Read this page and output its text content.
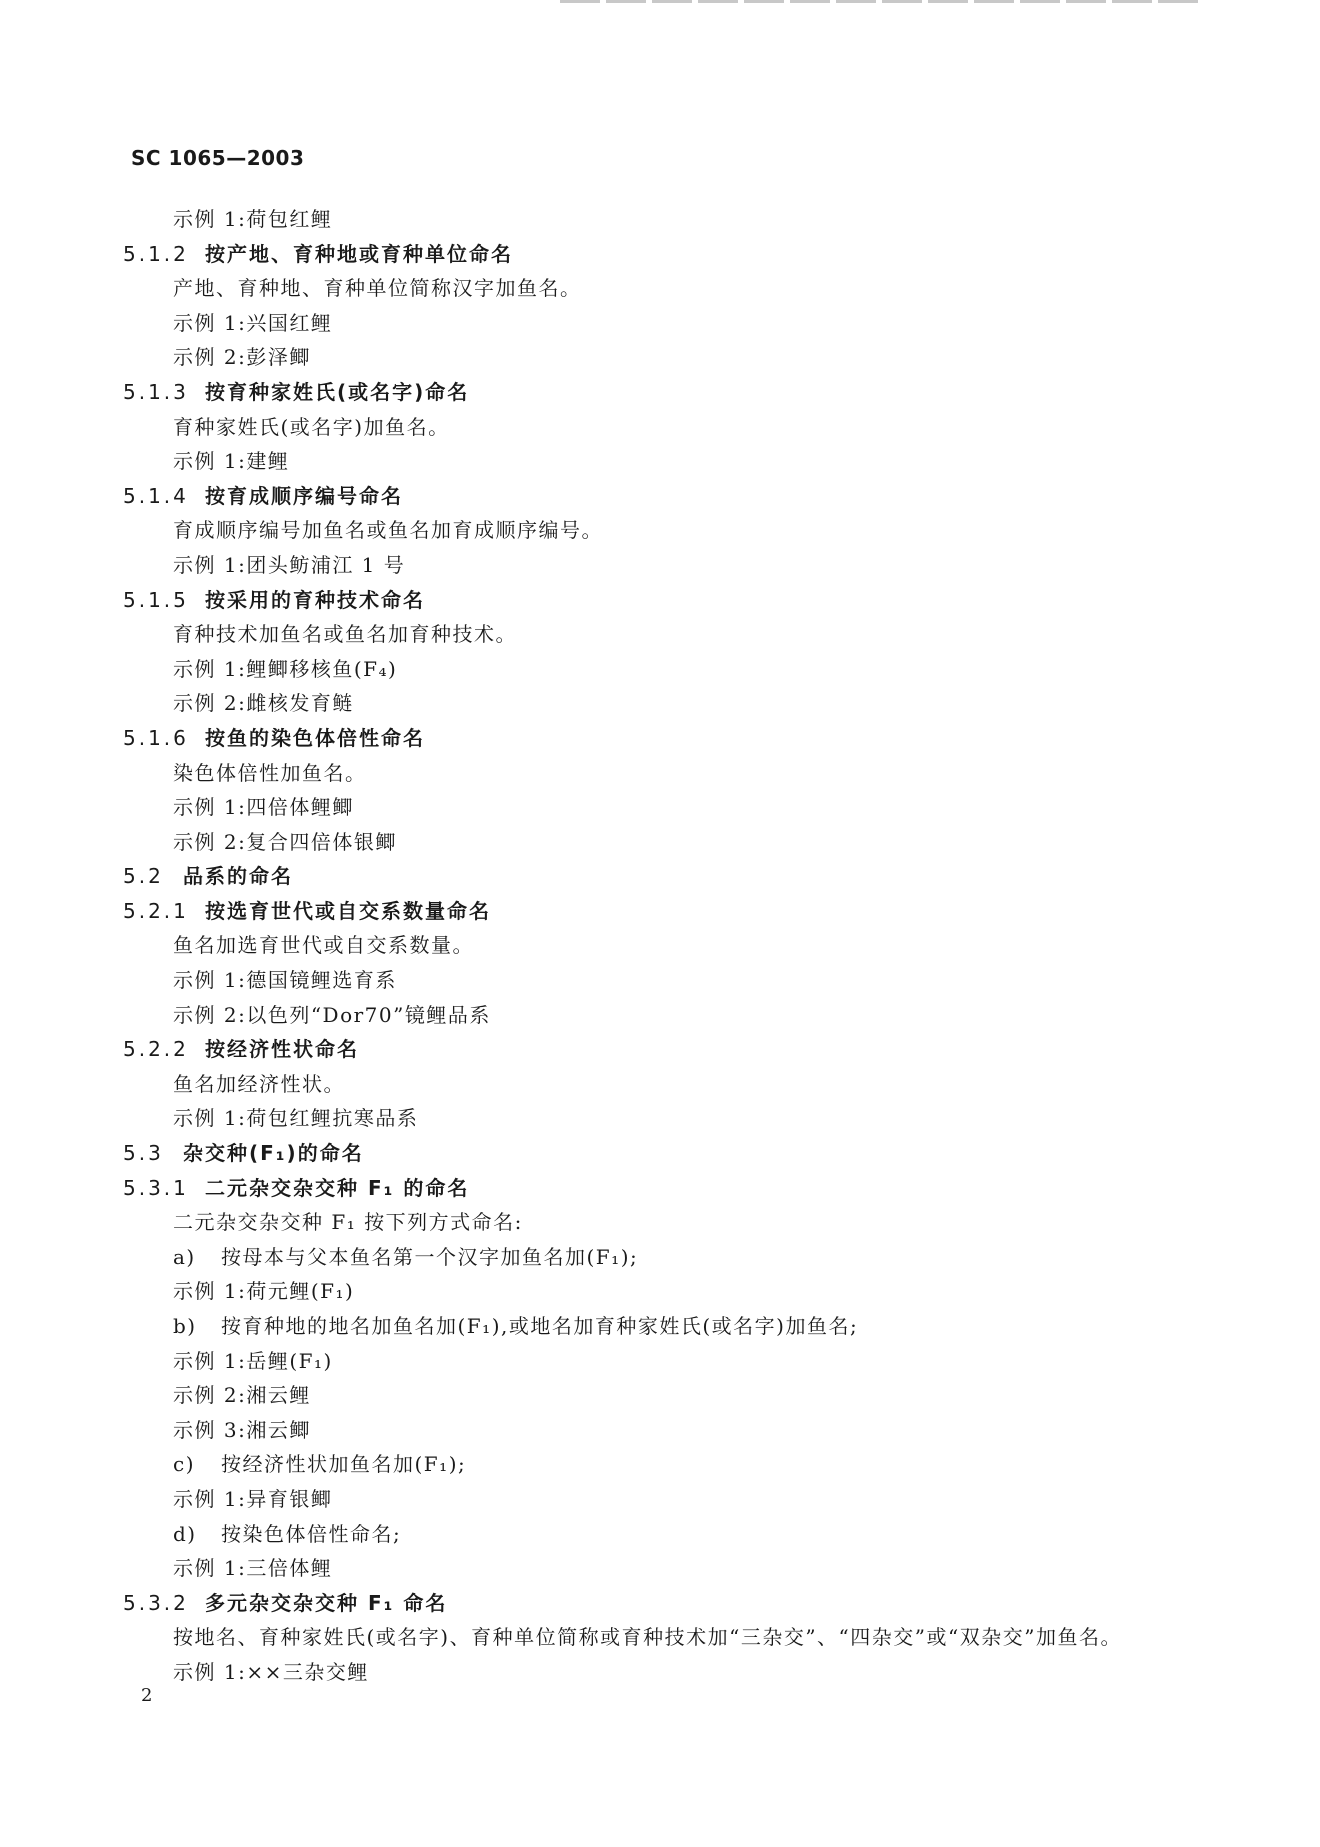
SC 1065—2003
示例 1:荷包红鲤
5.1.2 按产地、育种地或育种单位命名
产地、育种地、育种单位简称汉字加鱼名。
示例 1:兴国红鲤
示例 2:彭泽鲫
5.1.3 按育种家姓氏(或名字)命名
育种家姓氏(或名字)加鱼名。
示例 1:建鲤
5.1.4 按育成顺序编号命名
育成顺序编号加鱼名或鱼名加育成顺序编号。
示例 1:团头鲂浦江 1 号
5.1.5 按采用的育种技术命名
育种技术加鱼名或鱼名加育种技术。
示例 1:鲤鲫移核鱼(F₄)
示例 2:雌核发育鲢
5.1.6 按鱼的染色体倍性命名
染色体倍性加鱼名。
示例 1:四倍体鲤鲫
示例 2:复合四倍体银鲫
5.2 品系的命名
5.2.1 按选育世代或自交系数量命名
鱼名加选育世代或自交系数量。
示例 1:德国镜鲤选育系
示例 2:以色列“Dor70”镜鲤品系
5.2.2 按经济性状命名
鱼名加经济性状。
示例 1:荷包红鲤抗寒品系
5.3 杂交种(F₁)的命名
5.3.1 二元杂交杂交种 F₁ 的命名
二元杂交杂交种 F₁ 按下列方式命名:
a) 按母本与父本鱼名第一个汉字加鱼名加(F₁);
示例 1:荷元鲤(F₁)
b) 按育种地的地名加鱼名加(F₁),或地名加育种家姓氏(或名字)加鱼名;
示例 1:岳鲤(F₁)
示例 2:湘云鲤
示例 3:湘云鲫
c) 按经济性状加鱼名加(F₁);
示例 1:异育银鲫
d) 按染色体倍性命名;
示例 1:三倍体鲤
5.3.2 多元杂交杂交种 F₁ 命名
按地名、育种家姓氏(或名字)、育种单位简称或育种技术加“三杂交”、“四杂交”或“双杂交”加鱼名。
示例 1:××三杂交鲤
2
